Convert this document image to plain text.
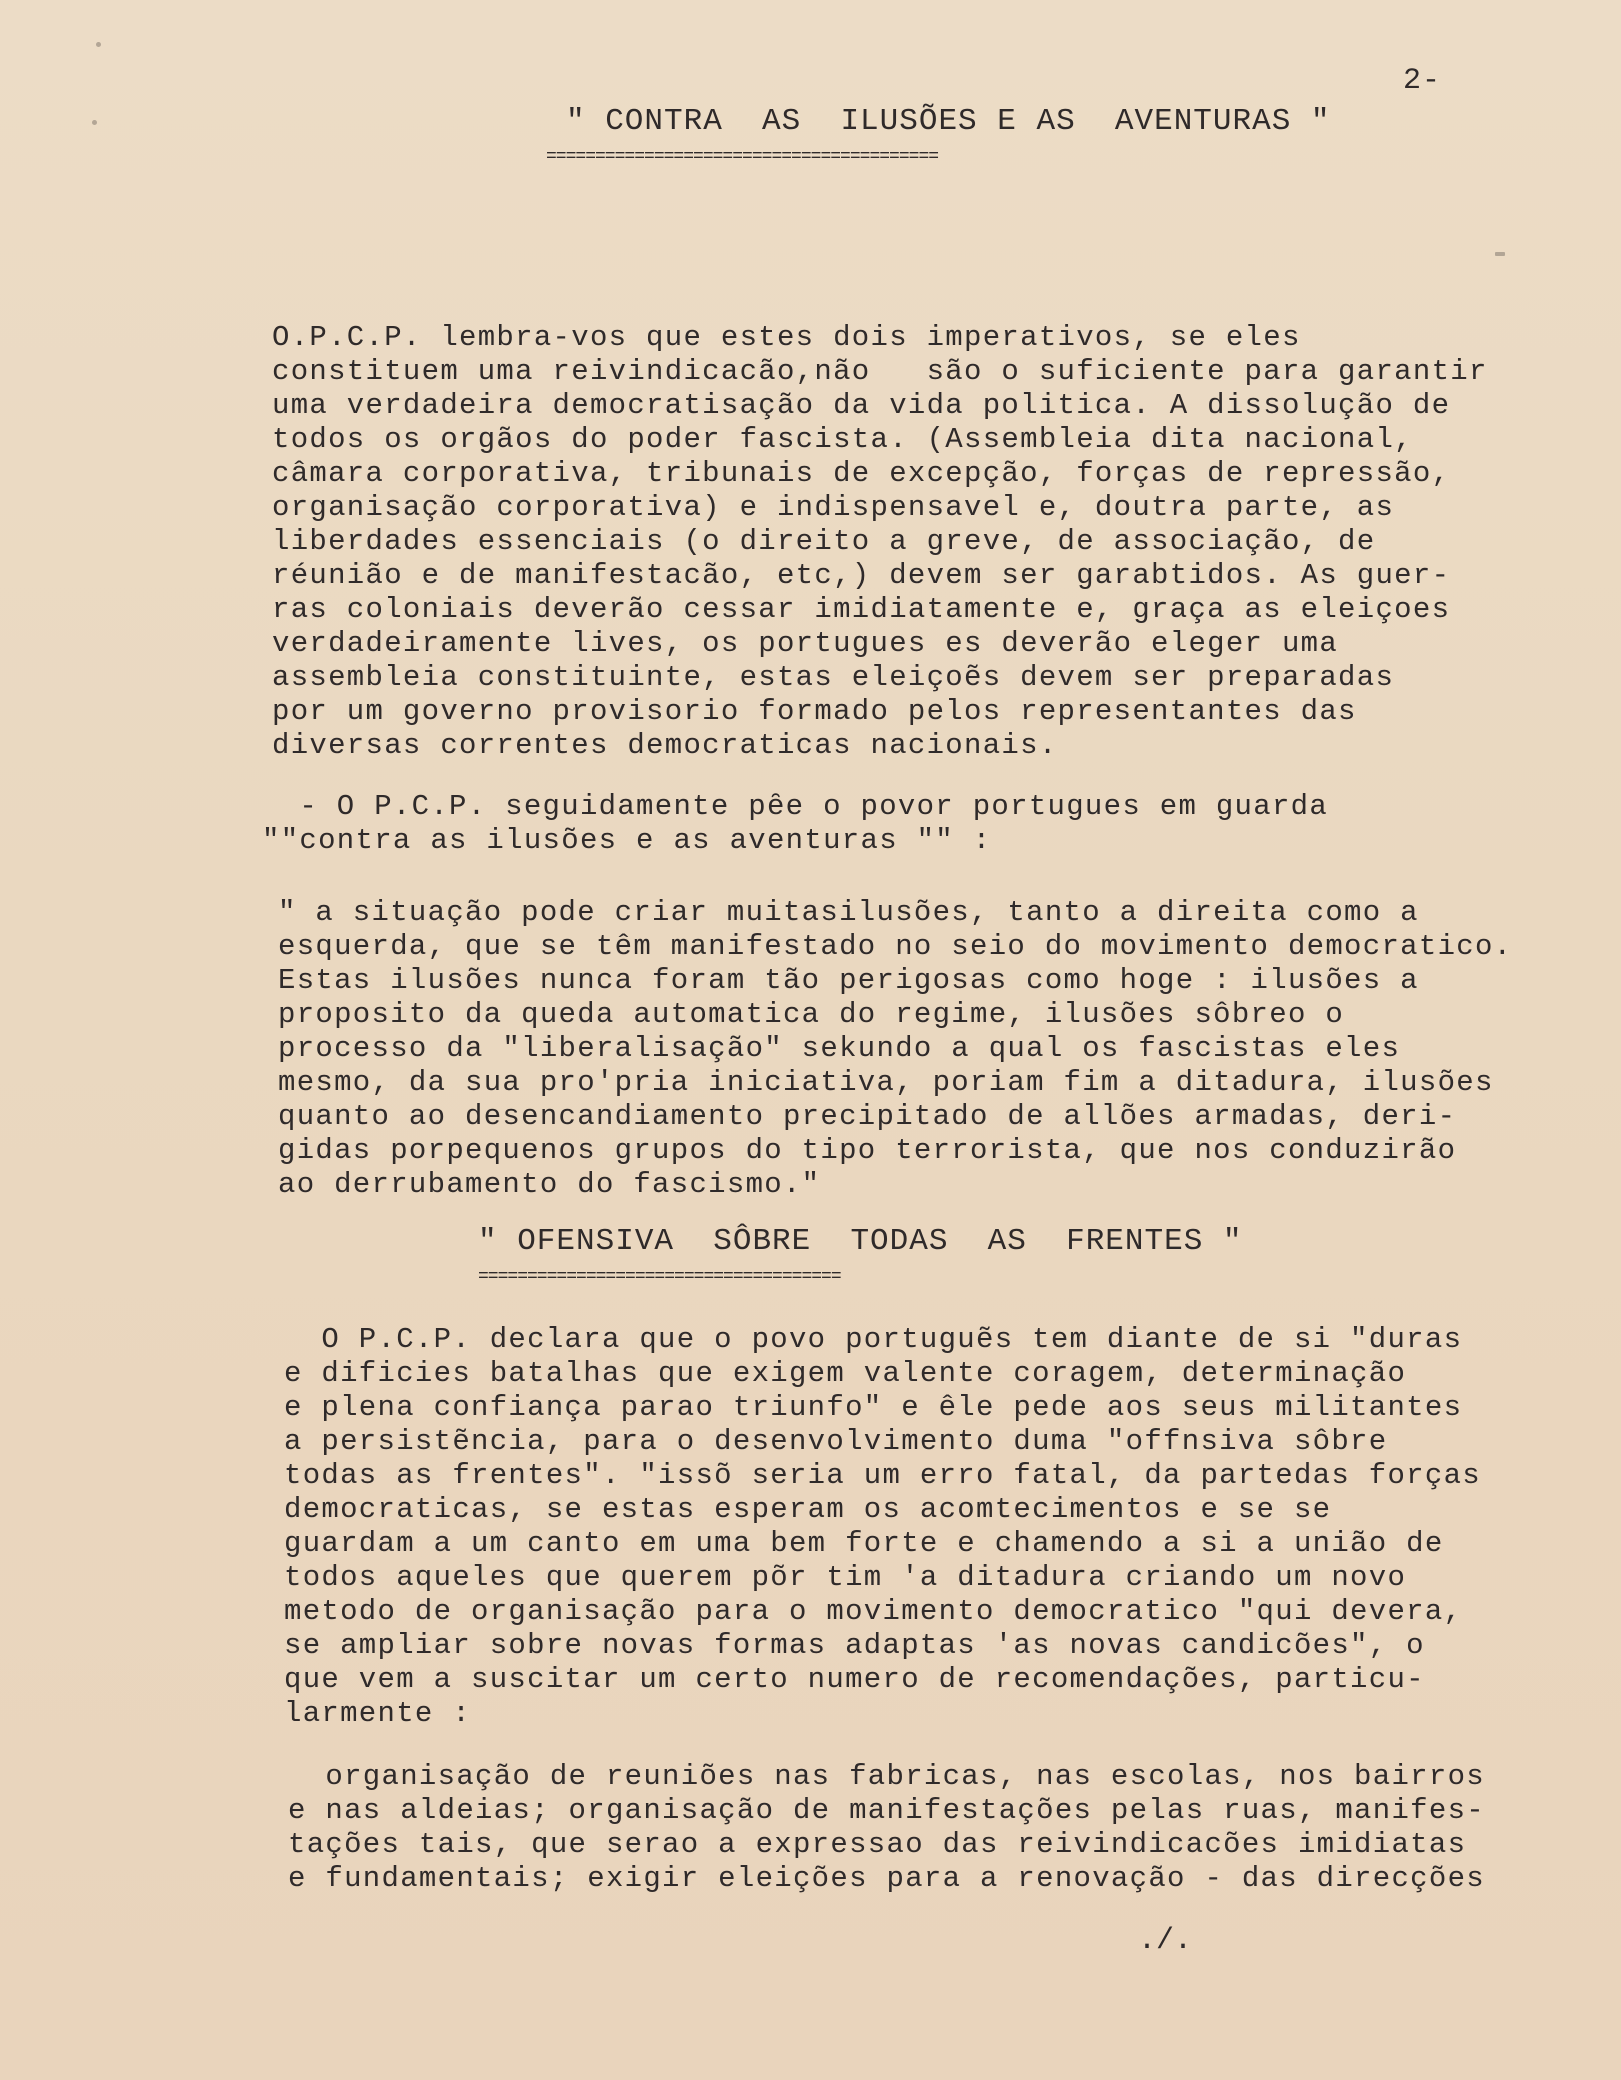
2-
" CONTRA  AS  ILUSÕES E AS  AVENTURAS "
========================================
O.P.C.P. lembra-vos que estes dois imperativos, se eles
constituem uma reivindicacão,não   são o suficiente para garantir
uma verdadeira democratisação da vida politica. A dissolução de
todos os orgãos do poder fascista. (Assembleia dita nacional,
câmara corporativa, tribunais de excepção, forças de repressão,
organisação corporativa) e indispensavel e, doutra parte, as
liberdades essenciais (o direito a greve, de associação, de
réunião e de manifestacão, etc,) devem ser garabtidos. As guer-
ras coloniais deverão cessar imidiatamente e, graça as eleiçoes
verdadeiramente lives, os portugues es deverão eleger uma
assembleia constituinte, estas eleiçoẽs devem ser preparadas
por um governo provisorio formado pelos representantes das
diversas correntes democraticas nacionais.
- O P.C.P. seguidamente pȇe o povor portugues em guarda
""contra as ilusões e as aventuras "" :
" a situação pode criar muitasilusões, tanto a direita como a
esquerda, que se têm manifestado no seio do movimento democratico.
Estas ilusões nunca foram tão perigosas como hoge : ilusões a
proposito da queda automatica do regime, ilusões sôbreo o
processo da "liberalisação" sekundo a qual os fascistas eles
mesmo, da sua pro'pria iniciativa, poriam fim a ditadura, ilusões
quanto ao desencandiamento precipitado de allões armadas, deri-
gidas porpequenos grupos do tipo terrorista, que nos conduzirão
ao derrubamento do fascismo."
" OFENSIVA  SÔBRE  TODAS  AS  FRENTES "
=====================================
O P.C.P. declara que o povo portuguẽs tem diante de si "duras
e dificies batalhas que exigem valente coragem, determinação
e plena confiança parao triunfo" e êle pede aos seus militantes
a persistẽncia, para o desenvolvimento duma "offnsiva sôbre
todas as frentes". "issõ seria um erro fatal, da partedas forças
democraticas, se estas esperam os acomtecimentos e se se
guardam a um canto em uma bem forte e chamendo a si a união de
todos aqueles que querem põr tim 'a ditadura criando um novo
metodo de organisação para o movimento democratico "qui devera,
se ampliar sobre novas formas adaptas 'as novas candicões", o
que vem a suscitar um certo numero de recomendações, particu-
larmente :
organisação de reuniões nas fabricas, nas escolas, nos bairros
e nas aldeias; organisação de manifestações pelas ruas, manifes-
tações tais, que serao a expressao das reivindicacões imidiatas
e fundamentais; exigir eleições para a renovação - das direcções
./.
